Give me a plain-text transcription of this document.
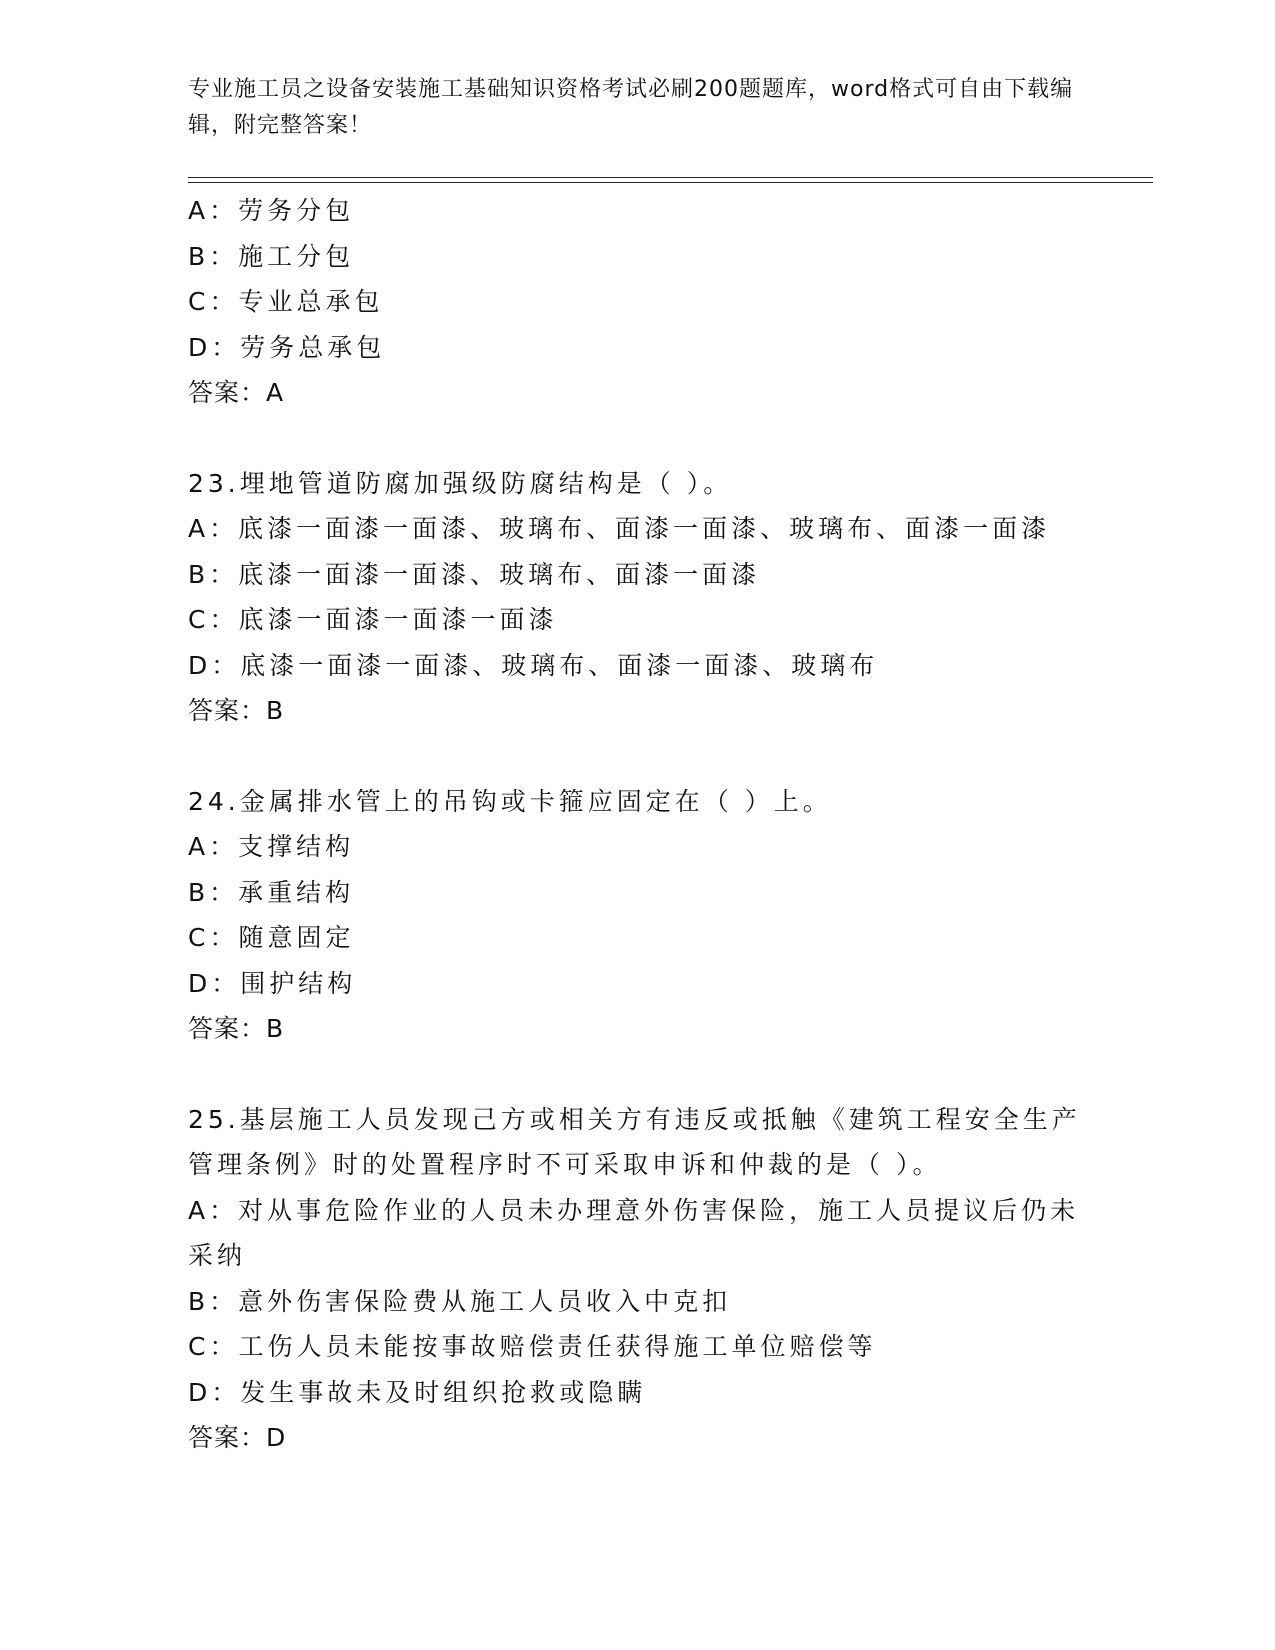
专业施工员之设备安装施工基础知识资格考试必刷200题题库，word格式可自由下载编辑，附完整答案！
A：劳务分包
B：施工分包
C：专业总承包
D：劳务总承包
答案：A
23.埋地管道防腐加强级防腐结构是（ ）。
A：底漆一面漆一面漆、玻璃布、面漆一面漆、玻璃布、面漆一面漆
B：底漆一面漆一面漆、玻璃布、面漆一面漆
C：底漆一面漆一面漆一面漆
D：底漆一面漆一面漆、玻璃布、面漆一面漆、玻璃布
答案：B
24.金属排水管上的吊钩或卡箍应固定在（ ）上。
A：支撑结构
B：承重结构
C：随意固定
D：围护结构
答案：B
25.基层施工人员发现己方或相关方有违反或抵触《建筑工程安全生产
管理条例》时的处置程序时不可采取申诉和仲裁的是（ ）。
A：对从事危险作业的人员未办理意外伤害保险，施工人员提议后仍未
采纳
B：意外伤害保险费从施工人员收入中克扣
C：工伤人员未能按事故赔偿责任获得施工单位赔偿等
D：发生事故未及时组织抢救或隐瞒
答案：D
